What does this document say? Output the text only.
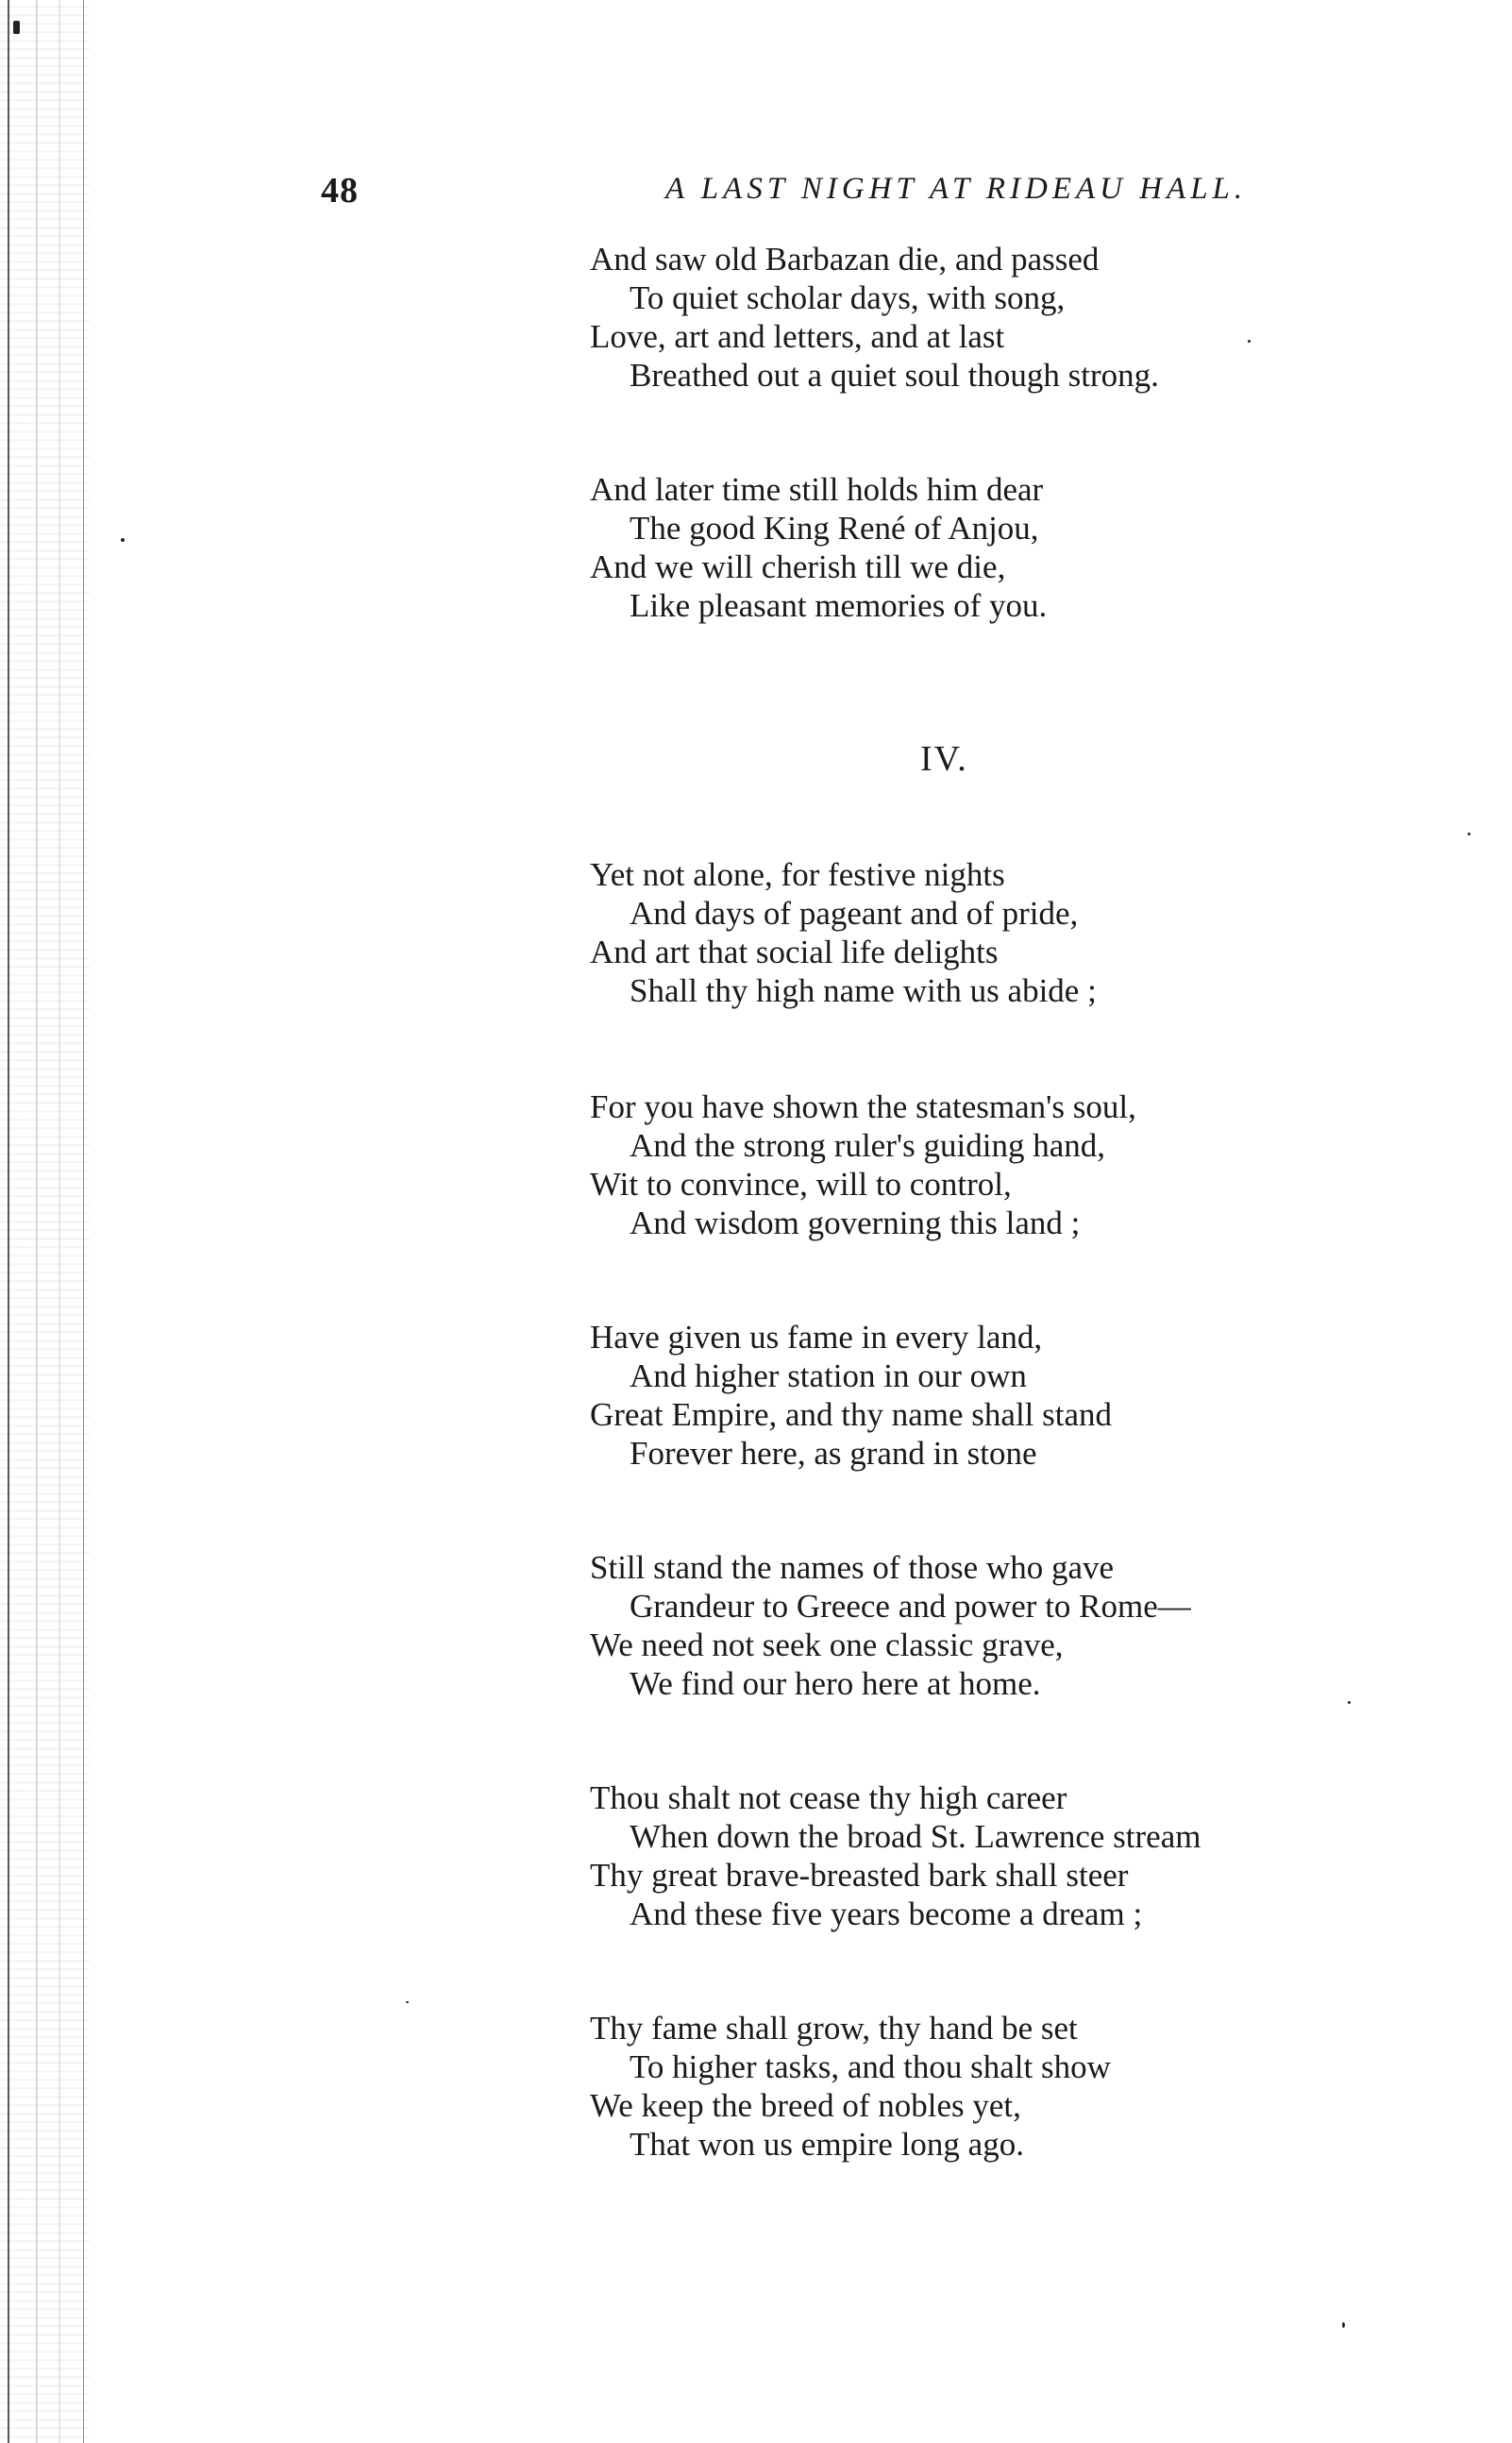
48	A LAST NIGHT AT RIDEAU HALL.
And saw old Barbazan die, and passed
To quiet scholar days, with song,
Love, art and letters, and at last
Breathed out a quiet soul though strong.
And later time still holds him dear
The good King René of Anjou,
And we will cherish till we die,
Like pleasant memories of you.
IV.
Yet not alone, for festive nights
And days of pageant and of pride,
And art that social life delights
Shall thy high name with us abide ;
For you have shown the statesman's soul,
And the strong ruler's guiding hand,
Wit to convince, will to control,
And wisdom governing this land ;
Have given us fame in every land,
And higher station in our own
Great Empire, and thy name shall stand
Forever here, as grand in stone
Still stand the names of those who gave
Grandeur to Greece and power to Rome—
We need not seek one classic grave,
We find our hero here at home.
Thou shalt not cease thy high career
When down the broad St. Lawrence stream
Thy great brave-breasted bark shall steer
And these five years become a dream ;
Thy fame shall grow, thy hand be set
To higher tasks, and thou shalt show
We keep the breed of nobles yet,
That won us empire long ago.
